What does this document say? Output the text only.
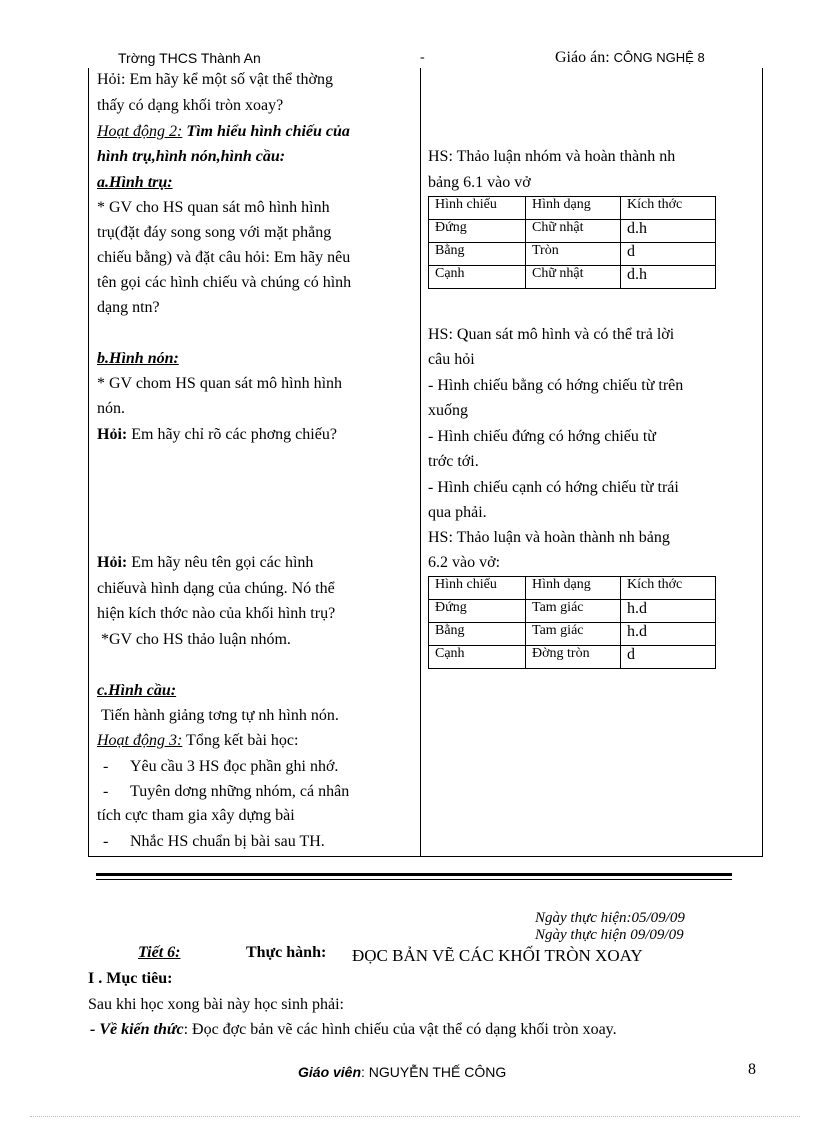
Trờng THCS Thành An	-	Giáo án: CÔNG NGHỆ 8
Hỏi: Em hãy kể một số vật thể thờng
thấy có dạng khối tròn xoay?
Hoạt động 2: Tìm hiểu hình chiếu của
hình trụ,hình nón,hình cầu:
a.Hình trụ:
* GV cho HS quan sát mô hình hình
trụ(đặt đáy song song với mặt phẳng
chiếu bằng) và đặt câu hỏi: Em hãy nêu
tên gọi các hình chiếu và chúng có hình
dạng ntn?
b.Hình nón:
* GV chom HS quan sát mô hình hình
nón.
Hỏi: Em hãy chỉ rõ các phơng chiếu?
Hỏi: Em hãy nêu tên gọi các hình
chiếuvà hình dạng của chúng. Nó thể
hiện kích thớc nào của khối hình trụ?
*GV cho HS thảo luận nhóm.
c.Hình cầu:
Tiến hành giảng tơng tự nh hình nón.
Hoạt động 3: Tổng kết bài học:
- Yêu cầu 3 HS đọc phần ghi nhớ.
- Tuyên dơng những nhóm, cá nhân
tích cực tham gia xây dựng bài
- Nhắc HS chuẩn bị bài sau TH.
HS: Thảo luận nhóm và hoàn thành nh
bảng 6.1 vào vở
Hình chiếu	Hình dạng	Kích thớc
Đứng	Chữ nhật	d.h
Bằng	Tròn	d
Cạnh	Chữ nhật	d.h
HS: Quan sát mô hình và có thể trả lời
câu hỏi
- Hình chiếu bằng có hớng chiếu từ trên
xuống
- Hình chiếu đứng có hớng chiếu từ
trớc tới.
- Hình chiếu cạnh có hớng chiếu từ trái
qua phải.
HS: Thảo luận và hoàn thành nh bảng
6.2 vào vở:
Hình chiếu	Hình dạng	Kích thớc
Đứng	Tam giác	h.d
Bằng	Tam giác	h.d
Cạnh	Đờng tròn	d
Ngày thực hiện:05/09/09
Ngày thực hiện 09/09/09
Tiết 6:	Thực hành: ĐỌC BẢN VẼ CÁC KHỐI TRÒN XOAY
I . Mục tiêu:
Sau khi học xong bài này học sinh phải:
- Về kiến thức: Đọc đợc bản vẽ các hình chiếu của vật thể có dạng khối tròn xoay.
Giáo viên: NGUYỄN THẾ CÔNG	8
